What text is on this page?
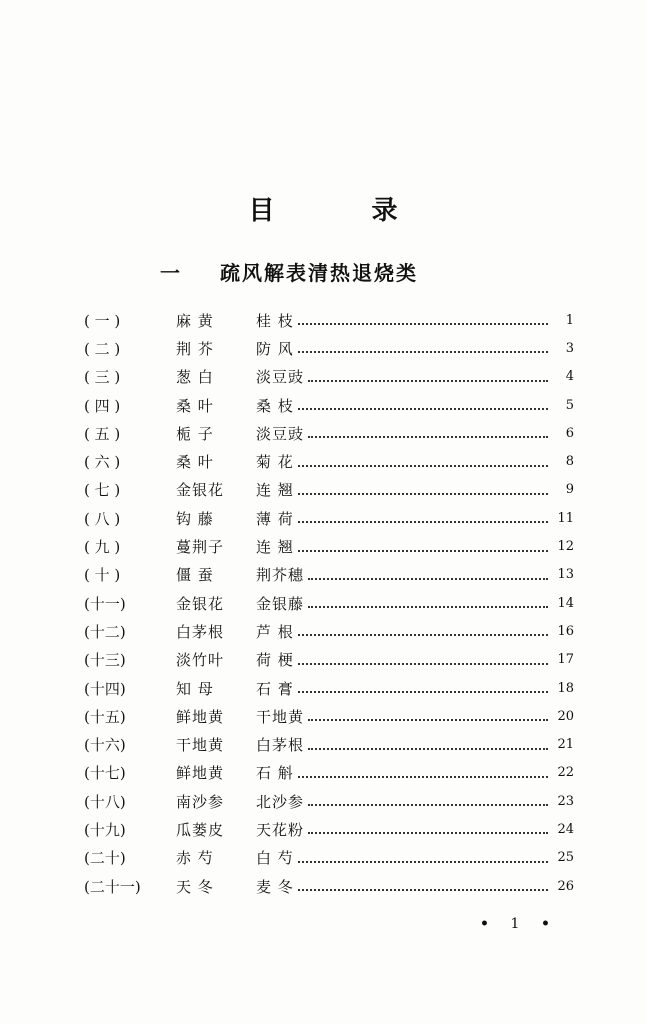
目 录
一	疏风解表清热退烧类
( 一 )	麻 黄	桂 枝	1
( 二 )	荆 芥	防 风	3
( 三 )	葱 白	淡豆豉	4
( 四 )	桑 叶	桑 枝	5
( 五 )	栀 子	淡豆豉	6
( 六 )	桑 叶	菊 花	8
( 七 )	金银花	连 翘	9
( 八 )	钩 藤	薄 荷	11
( 九 )	蔓荆子	连 翘	12
( 十 )	僵 蚕	荆芥穗	13
(十一)	金银花	金银藤	14
(十二)	白茅根	芦 根	16
(十三)	淡竹叶	荷 梗	17
(十四)	知 母	石 膏	18
(十五)	鲜地黄	干地黄	20
(十六)	干地黄	白茅根	21
(十七)	鲜地黄	石 斛	22
(十八)	南沙参	北沙参	23
(十九)	瓜蒌皮	天花粉	24
(二十)	赤 芍	白 芍	25
(二十一)	天 冬	麦 冬	26
• 1 •
